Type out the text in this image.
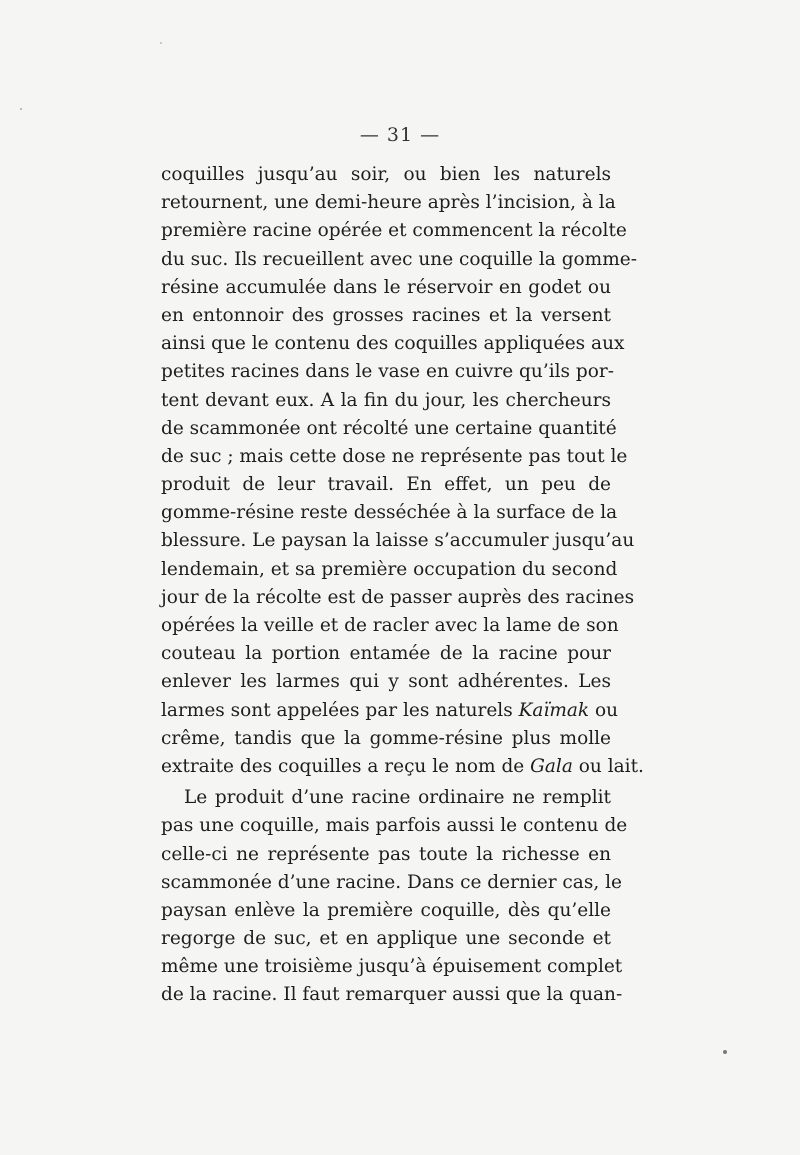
— 31 —
coquilles jusqu’au soir, ou bien les naturels
retournent, une demi-heure après l’incision, à la
première racine opérée et commencent la récolte
du suc. Ils recueillent avec une coquille la gomme-
résine accumulée dans le réservoir en godet ou
en entonnoir des grosses racines et la versent
ainsi que le contenu des coquilles appliquées aux
petites racines dans le vase en cuivre qu’ils por-
tent devant eux. A la fin du jour, les chercheurs
de scammonée ont récolté une certaine quantité
de suc ; mais cette dose ne représente pas tout le
produit de leur travail. En effet, un peu de
gomme-résine reste desséchée à la surface de la
blessure. Le paysan la laisse s’accumuler jusqu’au
lendemain, et sa première occupation du second
jour de la récolte est de passer auprès des racines
opérées la veille et de racler avec la lame de son
couteau la portion entamée de la racine pour
enlever les larmes qui y sont adhérentes. Les
larmes sont appelées par les naturels Kaïmak ou
crême, tandis que la gomme-résine plus molle
extraite des coquilles a reçu le nom de Gala ou lait.
Le produit d’une racine ordinaire ne remplit
pas une coquille, mais parfois aussi le contenu de
celle-ci ne représente pas toute la richesse en
scammonée d’une racine. Dans ce dernier cas, le
paysan enlève la première coquille, dès qu’elle
regorge de suc, et en applique une seconde et
même une troisième jusqu’à épuisement complet
de la racine. Il faut remarquer aussi que la quan-
